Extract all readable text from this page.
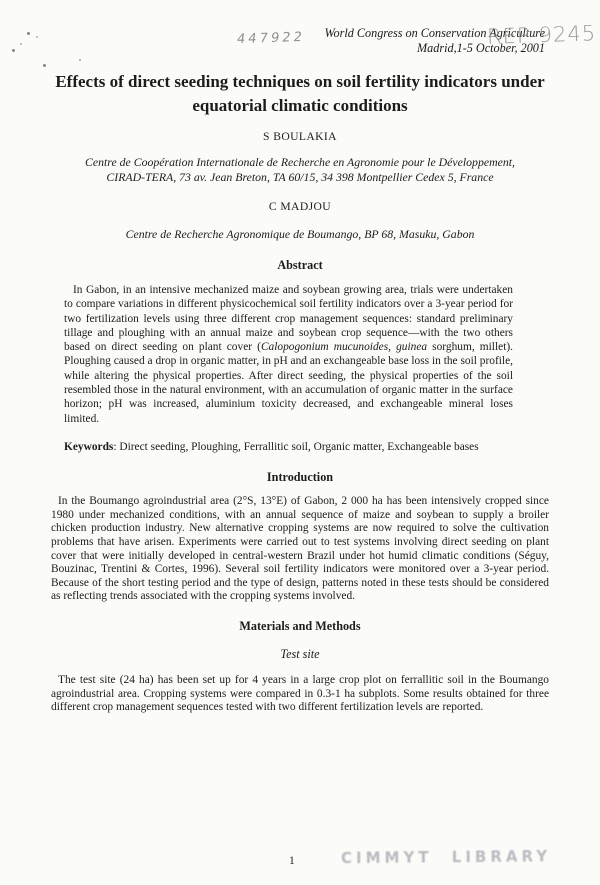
447922	REP-9245
World Congress on Conservation Agriculture
Madrid,1-5 October, 2001
Effects of direct seeding techniques on soil fertility indicators under equatorial climatic conditions
S BOULAKIA
Centre de Coopération Internationale de Recherche en Agronomie pour le Développement,
CIRAD-TERA, 73 av. Jean Breton, TA 60/15, 34 398 Montpellier Cedex 5, France
C MADJOU
Centre de Recherche Agronomique de Boumango, BP 68, Masuku, Gabon
Abstract

In Gabon, in an intensive mechanized maize and soybean growing area, trials were undertaken to compare variations in different physicochemical soil fertility indicators over a 3-year period for two fertilization levels using three different crop management sequences: standard preliminary tillage and ploughing with an annual maize and soybean crop sequence—with the two others based on direct seeding on plant cover (Calopogonium mucunoides, guinea sorghum, millet). Ploughing caused a drop in organic matter, in pH and an exchangeable base loss in the soil profile, while altering the physical properties. After direct seeding, the physical properties of the soil resembled those in the natural environment, with an accumulation of organic matter in the surface horizon; pH was increased, aluminium toxicity decreased, and exchangeable mineral loses limited.

Keywords: Direct seeding, Ploughing, Ferrallitic soil, Organic matter, Exchangeable bases
Introduction

In the Boumango agroindustrial area (2°S, 13°E) of Gabon, 2 000 ha has been intensively cropped since 1980 under mechanized conditions, with an annual sequence of maize and soybean to supply a broiler chicken production industry. New alternative cropping systems are now required to solve the cultivation problems that have arisen. Experiments were carried out to test systems involving direct seeding on plant cover that were initially developed in central-western Brazil under hot humid climatic conditions (Séguy, Bouzinac, Trentini & Cortes, 1996). Several soil fertility indicators were monitored over a 3-year period. Because of the short testing period and the type of design, patterns noted in these tests should be considered as reflecting trends associated with the cropping systems involved.

Materials and Methods
Test site

The test site (24 ha) has been set up for 4 years in a large crop plot on ferrallitic soil in the Boumango agroindustrial area. Cropping systems were compared in 0.3-1 ha subplots. Some results obtained for three different crop management sequences tested with two different fertilization levels are reported.

1	CIMMYT LIBRARY
